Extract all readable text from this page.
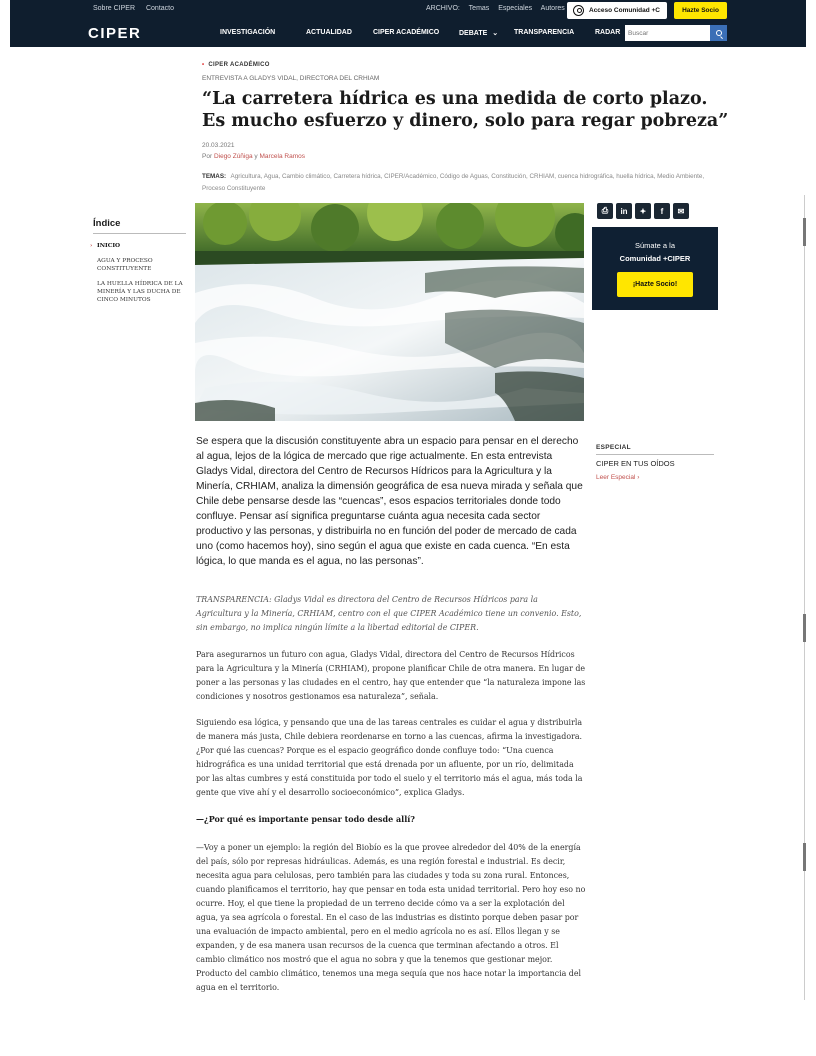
Sobre CIPER Contacto	ARCHIVO: Temas Especiales Autores	Acceso Comunidad +C	Hazte Socio
CIPER	INVESTIGACIÓN	ACTUALIDAD	CIPER ACADÉMICO	DEBATE ⌄ TRANSPARENCIA	RADAR
Buscar
• CIPER ACADÉMICO
ENTREVISTA A GLADYS VIDAL, DIRECTORA DEL CRHIAM
“La carretera hídrica es una medida de corto plazo. Es mucho esfuerzo y dinero, solo para regar pobreza”
20.03.2021
Por Diego Zúñiga y Marcela Ramos
TEMAS: Agricultura, Agua, Cambio climático, Carretera hídrica, CIPER/Académico, Código de Aguas, Constitución, CRHIAM, cuenca hidrográfica, huella hídrica, Medio Ambiente, Proceso Constituyente
Índice
› INICIO
AGUA Y PROCESO CONSTITUYENTE
LA HUELLA HÍDRICA DE LA MINERÍA Y LAS DUCHA DE CINCO MINUTOS
⎙	in	✦	f	✉
Súmate a la
Comunidad +CIPER
¡Hazte Socio!
ESPECIAL
CIPER EN TUS OÍDOS
Leer Especial ›

Se espera que la discusión constituyente abra un espacio para pensar en el derecho al agua, lejos de la lógica de mercado que rige actualmente. En esta entrevista Gladys Vidal, directora del Centro de Recursos Hídricos para la Agricultura y la Minería, CRHIAM, analiza la dimensión geográfica de esa nueva mirada y señala que Chile debe pensarse desde las “cuencas”, esos espacios territoriales donde todo confluye. Pensar así significa preguntarse cuánta agua necesita cada sector productivo y las personas, y distribuirla no en función del poder de mercado de cada uno (como hacemos hoy), sino según el agua que existe en cada cuenca. “En esta lógica, lo que manda es el agua, no las personas”.

TRANSPARENCIA: Gladys Vidal es directora del Centro de Recursos Hídricos para la Agricultura y la Minería, CRHIAM, centro con el que CIPER Académico tiene un convenio. Esto, sin embargo, no implica ningún límite a la libertad editorial de CIPER.

Para asegurarnos un futuro con agua, Gladys Vidal, directora del Centro de Recursos Hídricos para la Agricultura y la Minería (CRHIAM), propone planificar Chile de otra manera. En lugar de poner a las personas y las ciudades en el centro, hay que entender que “la naturaleza impone las condiciones y nosotros gestionamos esa naturaleza”, señala.

Siguiendo esa lógica, y pensando que una de las tareas centrales es cuidar el agua y distribuirla de manera más justa, Chile debiera reordenarse en torno a las cuencas, afirma la investigadora. ¿Por qué las cuencas? Porque es el espacio geográfico donde confluye todo: “Una cuenca hidrográfica es una unidad territorial que está drenada por un afluente, por un río, delimitada por las altas cumbres y está constituida por todo el suelo y el territorio más el agua, más toda la gente que vive ahí y el desarrollo socioeconómico”, explica Gladys.

—¿Por qué es importante pensar todo desde allí?

—Voy a poner un ejemplo: la región del Biobío es la que provee alrededor del 40% de la energía del país, sólo por represas hidráulicas. Además, es una región forestal e industrial. Es decir, necesita agua para celulosas, pero también para las ciudades y toda su zona rural. Entonces, cuando planificamos el territorio, hay que pensar en toda esta unidad territorial. Pero hoy eso no ocurre. Hoy, el que tiene la propiedad de un terreno decide cómo va a ser la explotación del agua, ya sea agrícola o forestal. En el caso de las industrias es distinto porque deben pasar por una evaluación de impacto ambiental, pero en el medio agrícola no es así. Ellos llegan y se expanden, y de esa manera usan recursos de la cuenca que terminan afectando a otros. El cambio climático nos mostró que el agua no sobra y que la tenemos que gestionar mejor. Producto del cambio climático, tenemos una mega sequía que nos hace notar la importancia del agua en el territorio.
